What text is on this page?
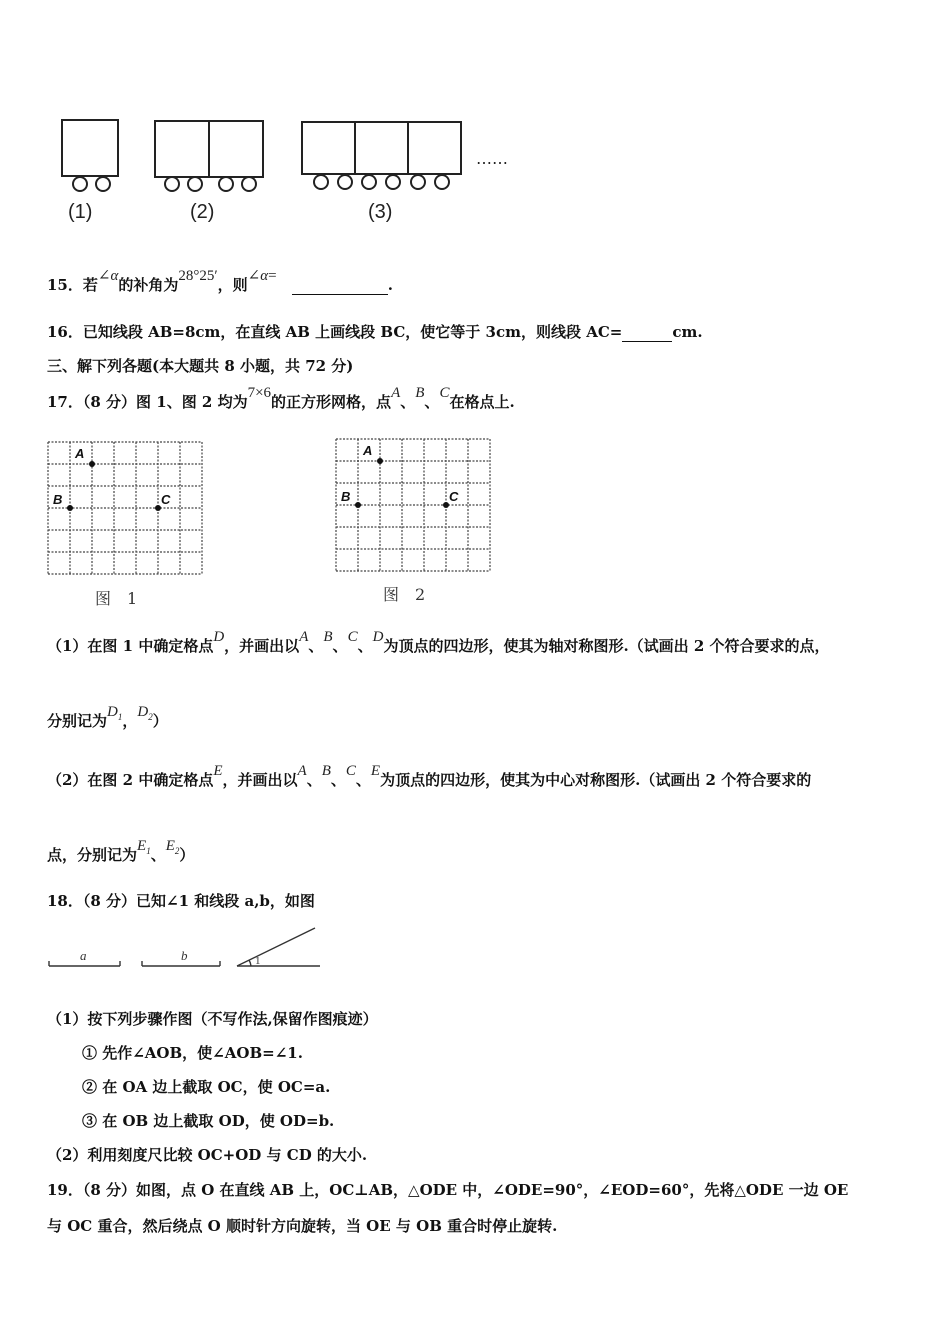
(1)	(2)	(3)
……
15．若∠α的补角为28°25′，则∠α=	.
16．已知线段 AB=8cm，在直线 AB 上画线段 BC，使它等于 3cm，则线段 AC=	cm.
三、解下列各题(本大题共 8 小题，共 72 分)
17．（8 分）图 1、图 2 均为7×6的正方形网格，点A、B、C在格点上.
A
B	C
图　1
A
B	C
图　2
（1）在图 1 中确定格点D，并画出以A、B、C、D为顶点的四边形，使其为轴对称图形.（试画出 2 个符合要求的点，
分别记为$D_1$，$D_2$）
（2）在图 2 中确定格点E，并画出以A、B、C、E为顶点的四边形，使其为中心对称图形.（试画出 2 个符合要求的
点，分别记为$E_1$、$E_2$）
18．（8 分）已知∠1 和线段 a,b，如图
a	b	1
（1）按下列步骤作图（不写作法,保留作图痕迹）
① 先作∠AOB，使∠AOB=∠1.
② 在 OA 边上截取 OC，使 OC=a.
③ 在 OB 边上截取 OD，使 OD=b.
（2）利用刻度尺比较 OC+OD 与 CD 的大小.
19．（8 分）如图，点 O 在直线 AB 上，OC⊥AB，△ODE 中，∠ODE=90°，∠EOD=60°，先将△ODE 一边 OE
与 OC 重合，然后绕点 O 顺时针方向旋转，当 OE 与 OB 重合时停止旋转.
